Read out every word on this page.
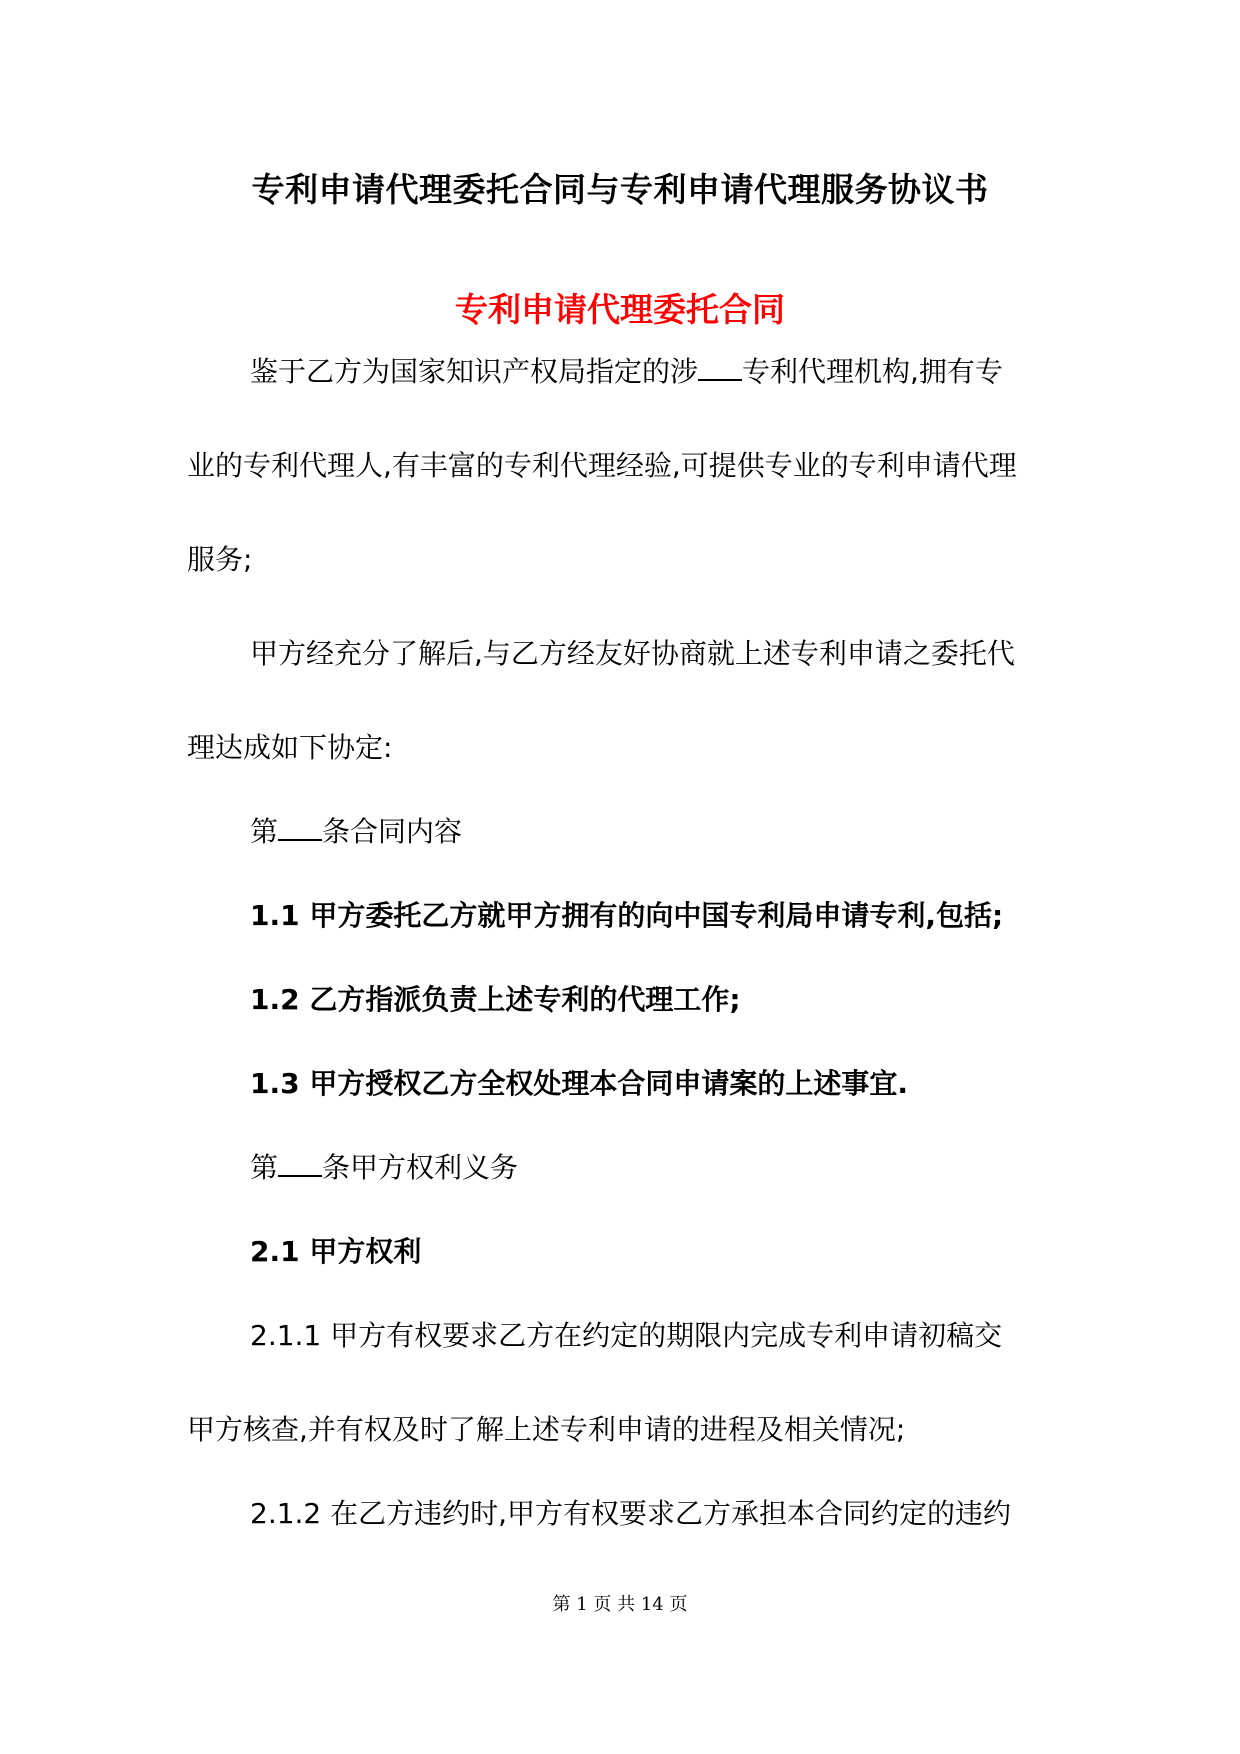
专利申请代理委托合同与专利申请代理服务协议书
专利申请代理委托合同
鉴于乙方为国家知识产权局指定的涉 专利代理机构,拥有专
业的专利代理人,有丰富的专利代理经验,可提供专业的专利申请代理
服务;
甲方经充分了解后,与乙方经友好协商就上述专利申请之委托代
理达成如下协定:
第 条合同内容
1.1 甲方委托乙方就甲方拥有的向中国专利局申请专利,包括;
1.2 乙方指派负责上述专利的代理工作;
1.3 甲方授权乙方全权处理本合同申请案的上述事宜.
第 条甲方权利义务
2.1 甲方权利
2.1.1 甲方有权要求乙方在约定的期限内完成专利申请初稿交
甲方核查,并有权及时了解上述专利申请的进程及相关情况;
2.1.2 在乙方违约时,甲方有权要求乙方承担本合同约定的违约
第 1 页 共 14 页
